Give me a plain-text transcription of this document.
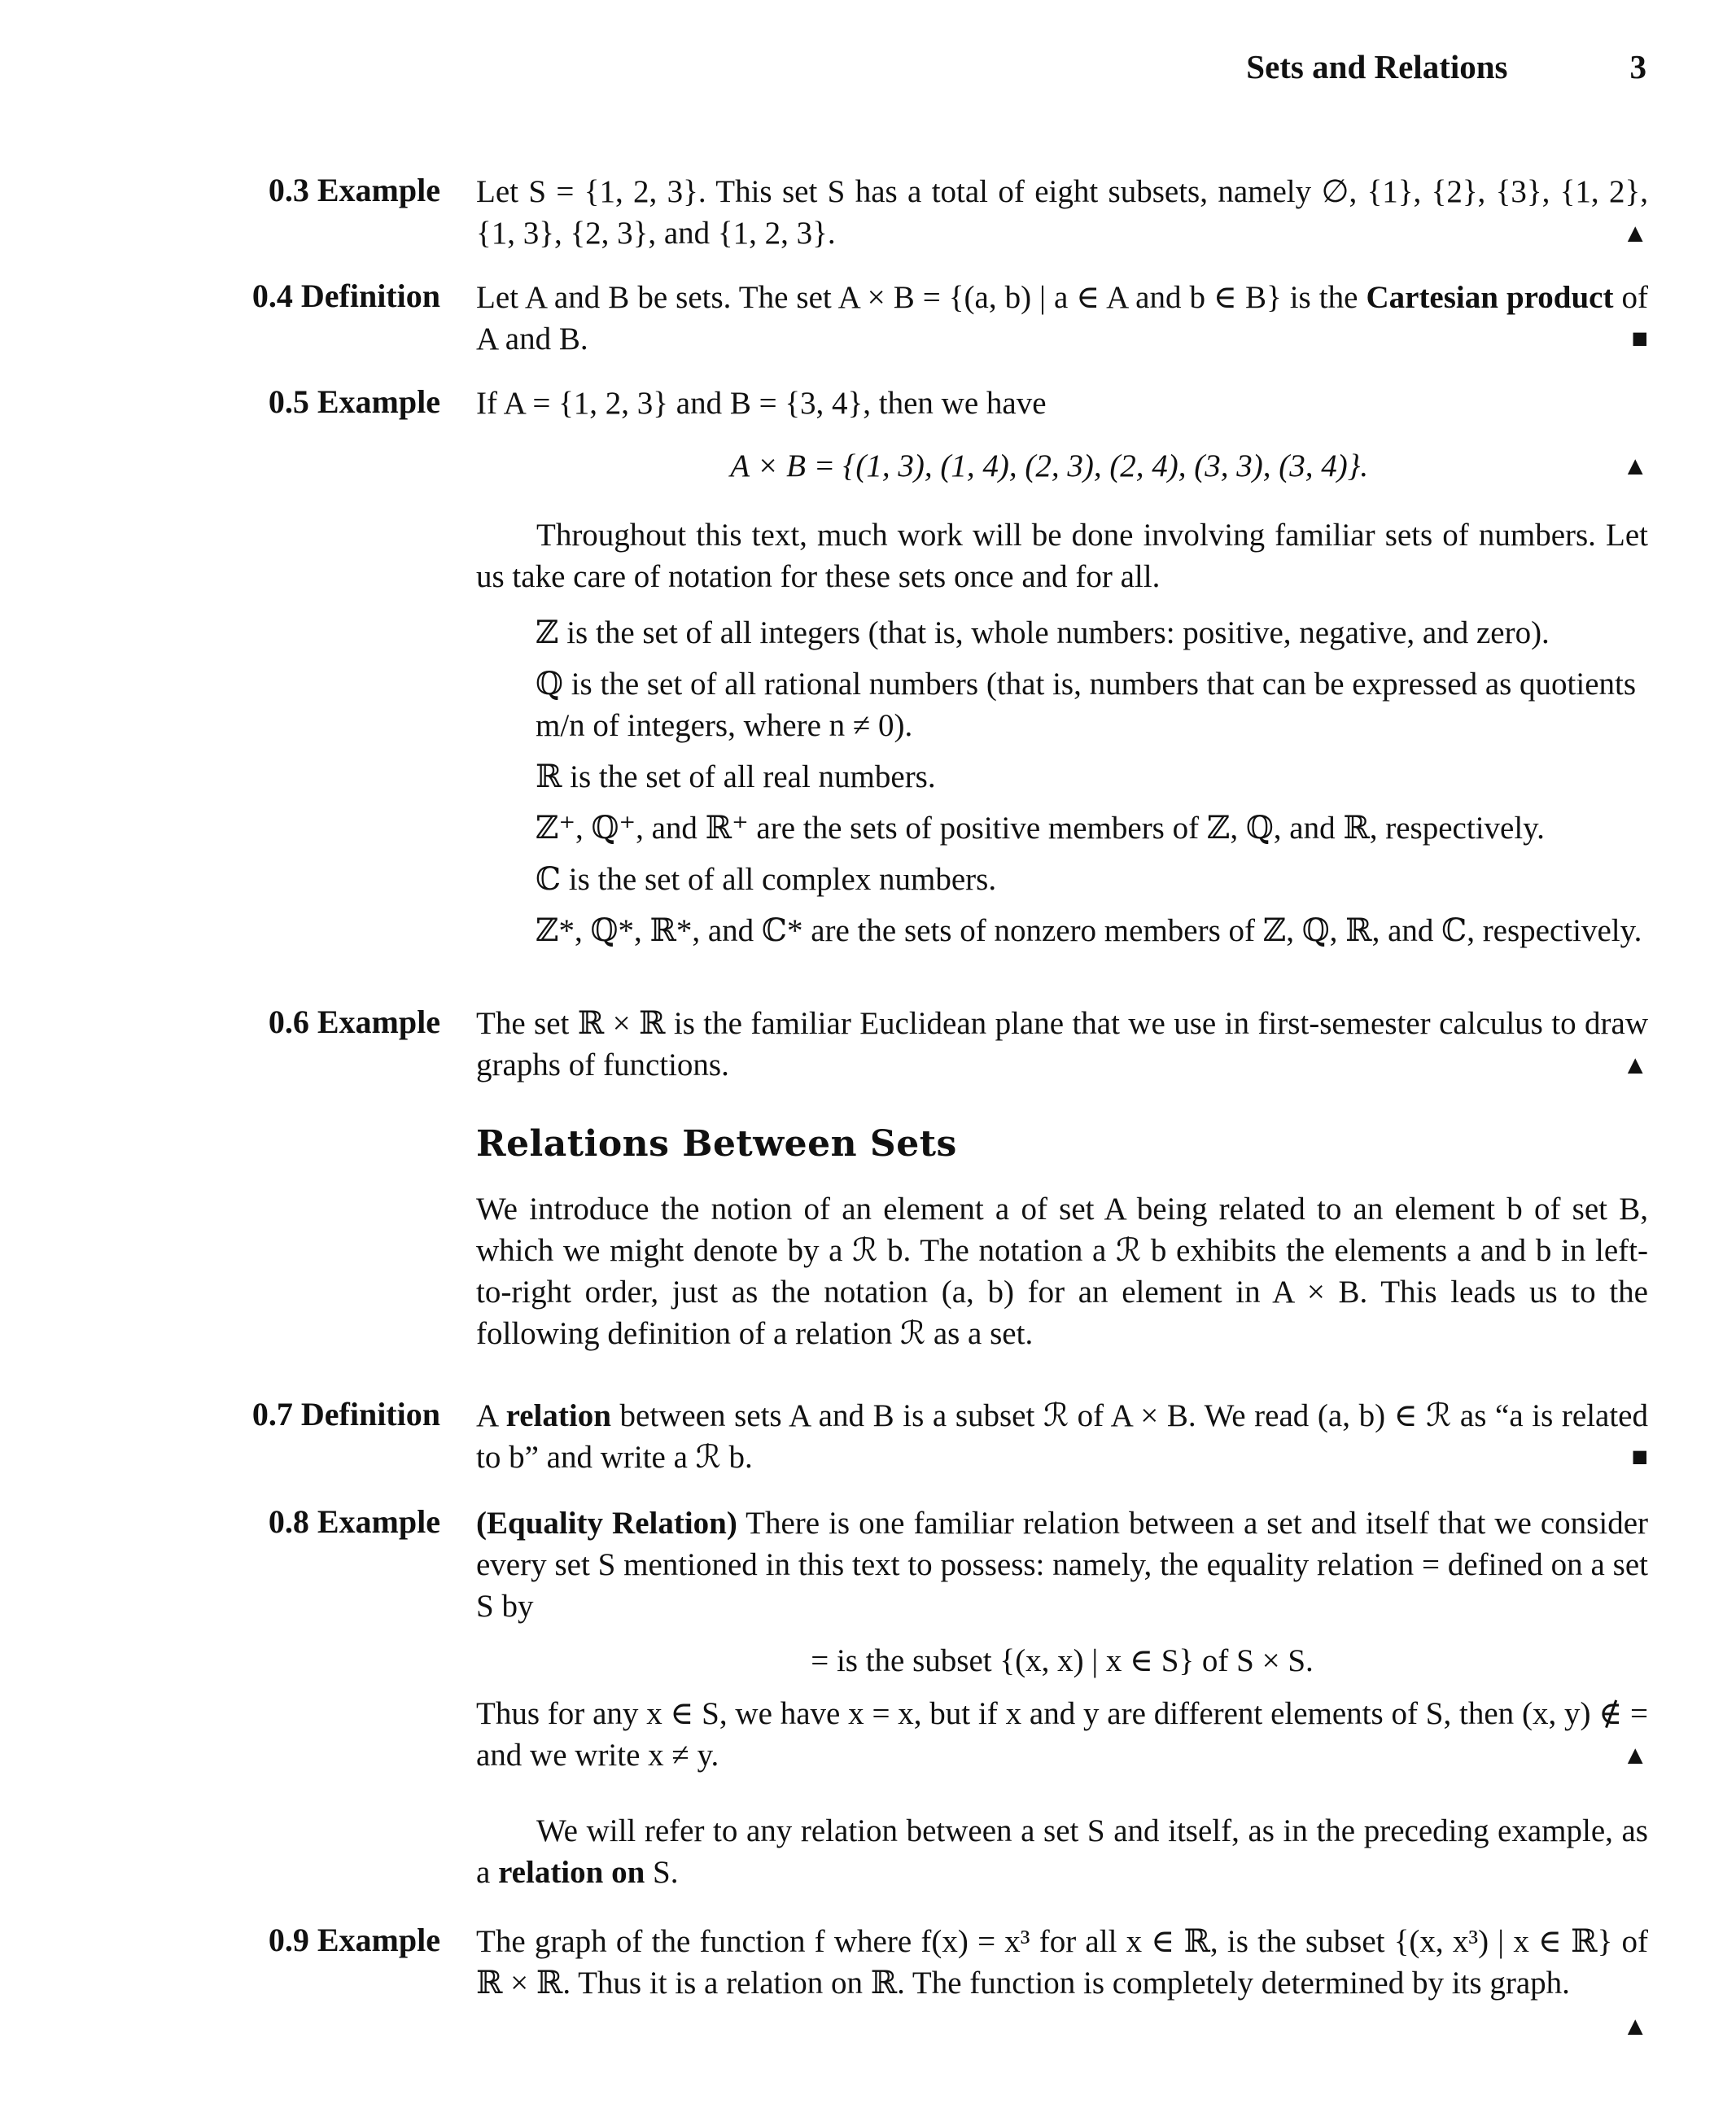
Sets and Relations	3
0.3 Example Let S = {1, 2, 3}. This set S has a total of eight subsets, namely ∅, {1}, {2}, {3}, {1, 2}, {1, 3}, {2, 3}, and {1, 2, 3}.	▲
0.4 Definition Let A and B be sets. The set A × B = {(a, b) | a ∈ A and b ∈ B} is the Cartesian product of A and B.	■
0.5 Example If A = {1, 2, 3} and B = {3, 4}, then we have

▲
A × B = {(1, 3), (1, 4), (2, 3), (2, 4), (3, 3), (3, 4)}.

Throughout this text, much work will be done involving familiar sets of numbers. Let us take care of notation for these sets once and for all.

ℤ is the set of all integers (that is, whole numbers: positive, negative, and zero).

ℚ is the set of all rational numbers (that is, numbers that can be expressed as quotients m/n of integers, where n ≠ 0).

ℝ is the set of all real numbers.

ℤ⁺, ℚ⁺, and ℝ⁺ are the sets of positive members of ℤ, ℚ, and ℝ, respectively.

ℂ is the set of all complex numbers.

ℤ*, ℚ*, ℝ*, and ℂ* are the sets of nonzero members of ℤ, ℚ, ℝ, and ℂ, respectively.

0.6 Example The set ℝ × ℝ is the familiar Euclidean plane that we use in first-semester calculus to draw graphs of functions.	▲
Relations Between Sets
We introduce the notion of an element a of set A being related to an element b of set B, which we might denote by a ℛ b. The notation a ℛ b exhibits the elements a and b in left-to-right order, just as the notation (a, b) for an element in A × B. This leads us to the following definition of a relation ℛ as a set.
0.7 Definition A relation between sets A and B is a subset ℛ of A × B. We read (a, b) ∈ ℛ as “a is related to b” and write a ℛ b.	■
0.8 Example (Equality Relation) There is one familiar relation between a set and itself that we consider every set S mentioned in this text to possess: namely, the equality relation = defined on a set S by

= is the subset {(x, x) | x ∈ S} of S × S.

Thus for any x ∈ S, we have x = x, but if x and y are different elements of S, then (x, y) ∉ = and we write x ≠ y.	▲

We will refer to any relation between a set S and itself, as in the preceding example, as a relation on S.
0.9 Example The graph of the function f where f(x) = x³ for all x ∈ ℝ, is the subset {(x, x³) | x ∈ ℝ} of ℝ × ℝ. Thus it is a relation on ℝ. The function is completely determined by its graph.

▲
